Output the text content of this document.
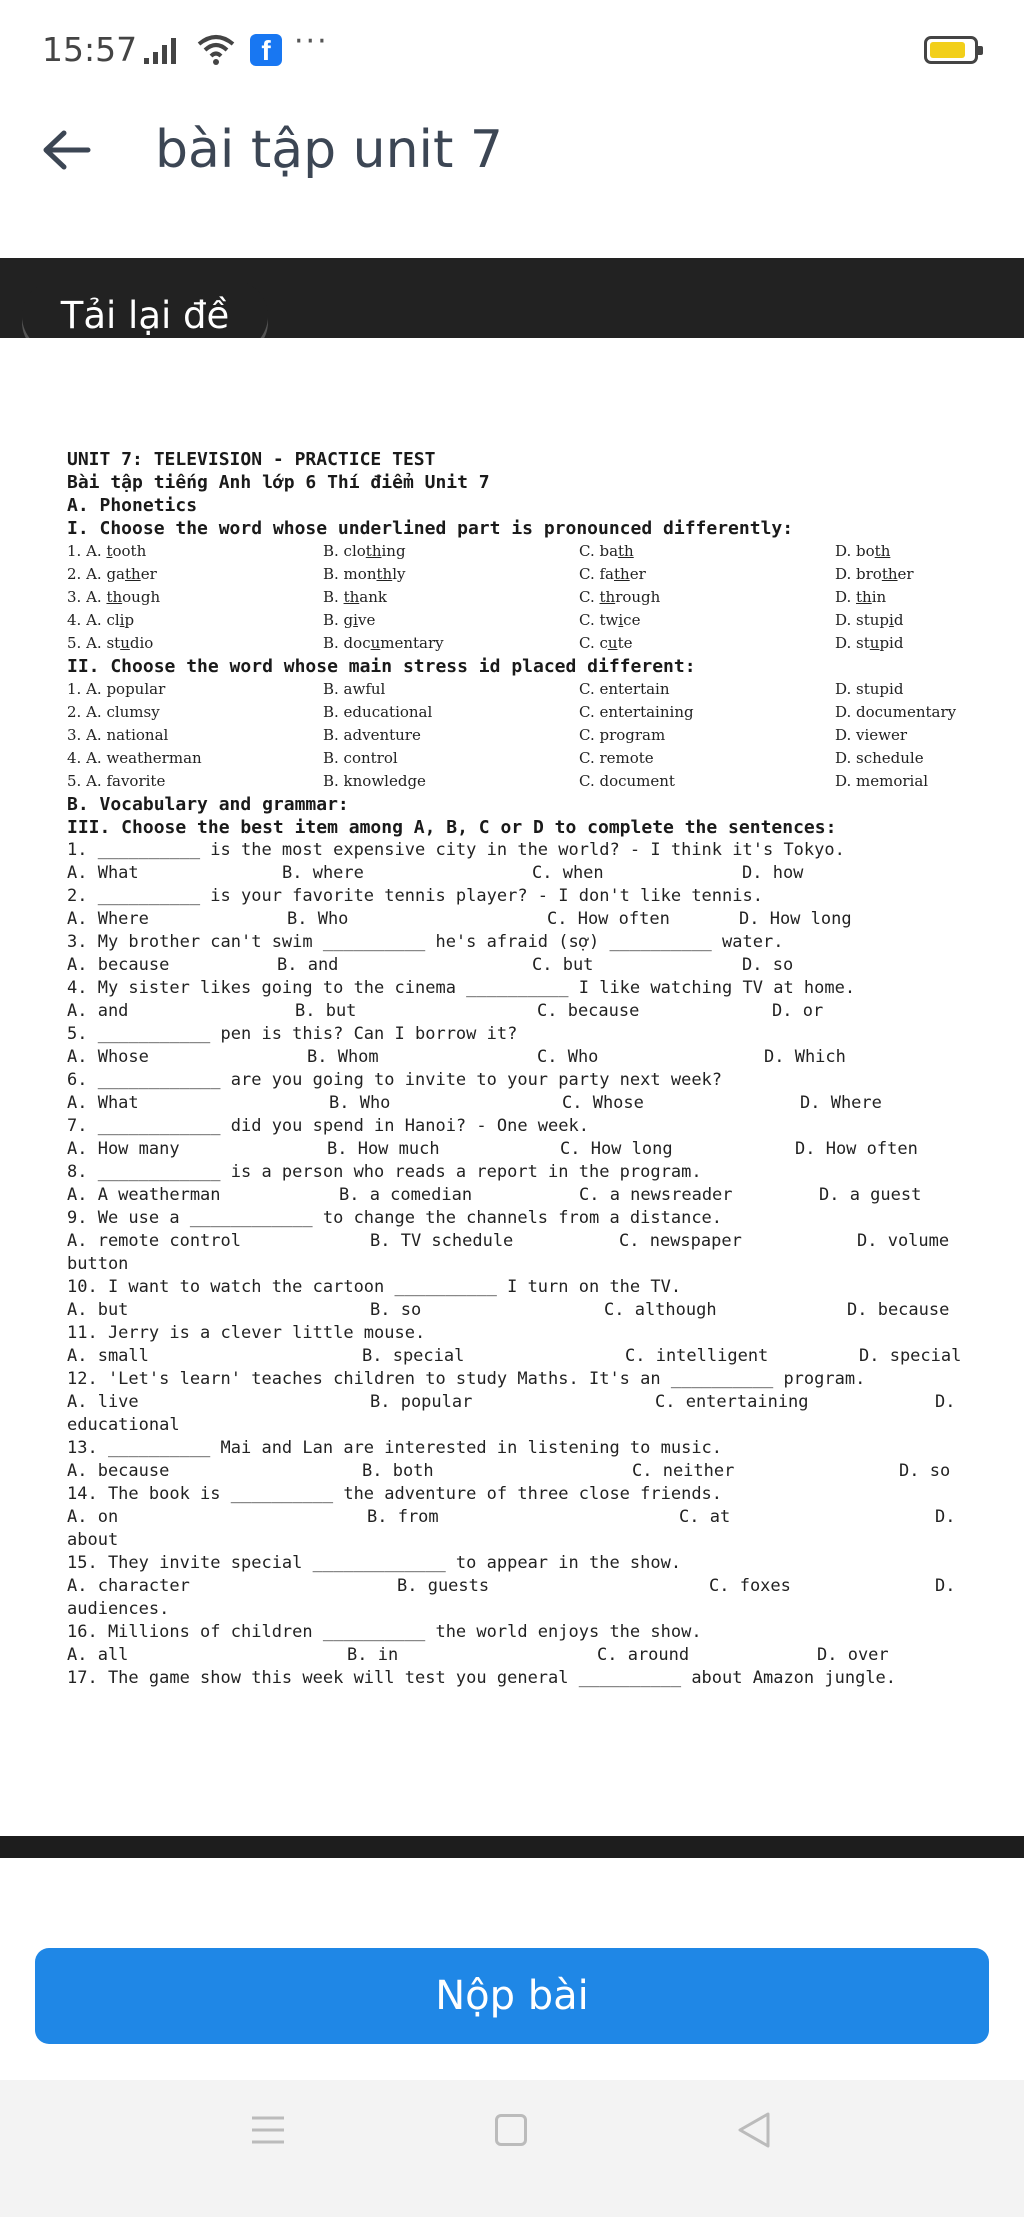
15:57	f ···
bài tập unit 7
Tải lại đề
UNIT 7: TELEVISION - PRACTICE TEST
Bài tập tiếng Anh lớp 6 Thí điểm Unit 7
A. Phonetics
I. Choose the word whose underlined part is pronounced differently:
1. A. tooth	B. clothing	C. bath	D. both
2. A. gather	B. monthly	C. father	D. brother
3. A. though	B. thank	C. through	D. thin
4. A. clip	B. give	C. twice	D. stupid
5. A. studio	B. documentary	C. cute	D. stupid
II. Choose the word whose main stress id placed different:
1. A. popular	B. awful	C. entertain	D. stupid
2. A. clumsy	B. educational	C. entertaining	D. documentary
3. A. national	B. adventure	C. program	D. viewer
4. A. weatherman	B. control	C. remote	D. schedule
5. A. favorite	B. knowledge	C. document	D. memorial
B. Vocabulary and grammar:
III. Choose the best item among A, B, C or D to complete the sentences:
1. __________ is the most expensive city in the world? - I think it's Tokyo.
A. What	B. where	C. when	D. how
2. __________ is your favorite tennis player? - I don't like tennis.
A. Where	B. Who	C. How often	D. How long
3. My brother can't swim __________ he's afraid (sợ) __________ water.
A. because	B. and	C. but	D. so
4. My sister likes going to the cinema __________ I like watching TV at home.
A. and	B. but	C. because	D. or
5. ___________ pen is this? Can I borrow it?
A. Whose	B. Whom	C. Who	D. Which
6. ____________ are you going to invite to your party next week?
A. What	B. Who	C. Whose	D. Where
7. ____________ did you spend in Hanoi? - One week.
A. How many	B. How much	C. How long	D. How often
8. ____________ is a person who reads a report in the program.
A. A weatherman	B. a comedian	C. a newsreader	D. a guest
9. We use a ____________ to change the channels from a distance.
A. remote control	B. TV schedule	C. newspaper	D. volume
button
10. I want to watch the cartoon __________ I turn on the TV.
A. but	B. so	C. although	D. because
11. Jerry is a clever little mouse.
A. small	B. special	C. intelligent	D. special
12. 'Let's learn' teaches children to study Maths. It's an __________ program.
A. live	B. popular	C. entertaining	D.
educational
13. __________ Mai and Lan are interested in listening to music.
A. because	B. both	C. neither	D. so
14. The book is __________ the adventure of three close friends.
A. on	B. from	C. at	D.
about
15. They invite special _____________ to appear in the show.
A. character	B. guests	C. foxes	D.
audiences.
16. Millions of children __________ the world enjoys the show.
A. all	B. in	C. around	D. over
17. The game show this week will test you general __________ about Amazon jungle.
Nộp bài
